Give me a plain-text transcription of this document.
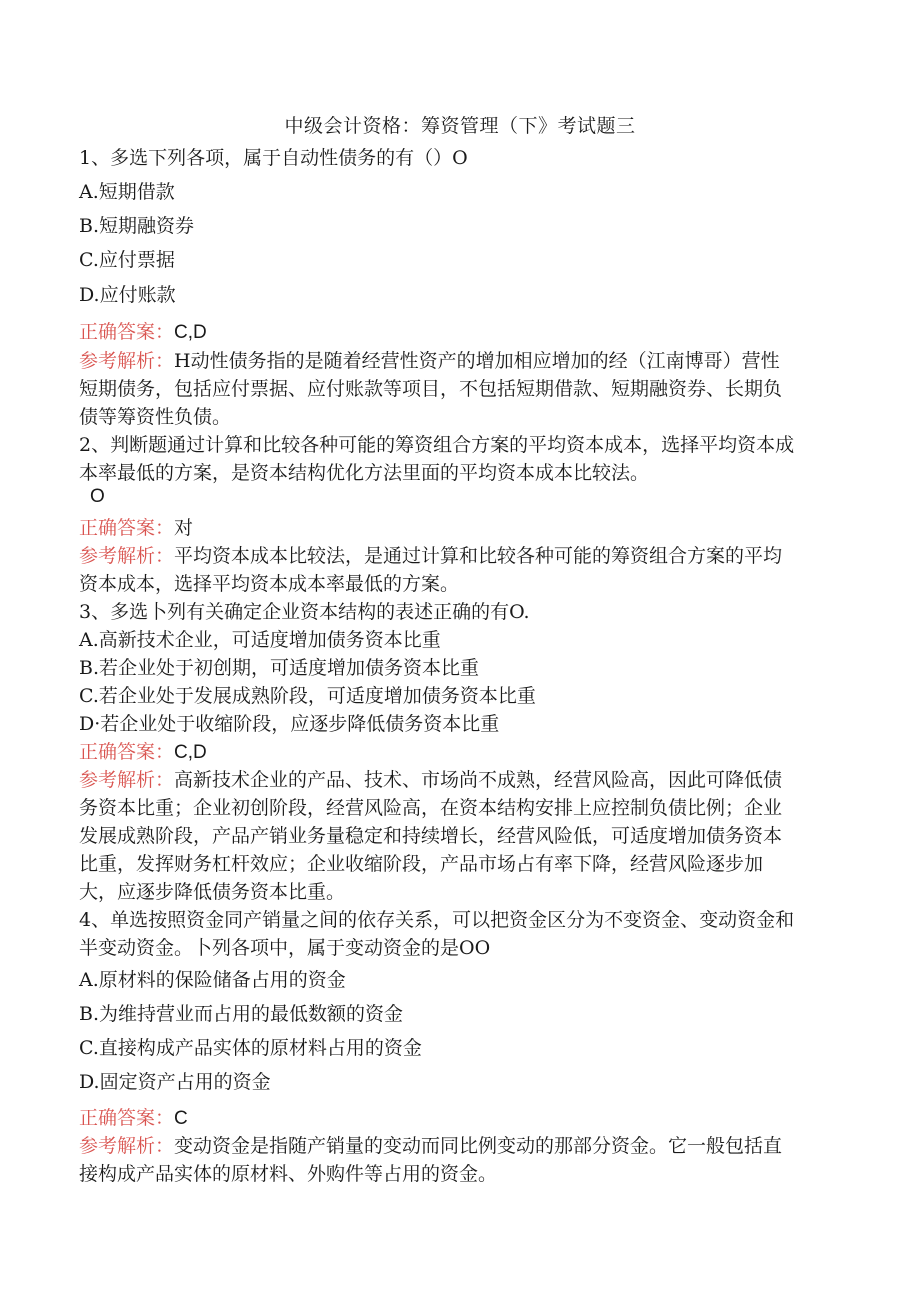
中级会计资格：筹资管理（下》考试题三
1、多选下列各项，属于自动性债务的有（）O
A.短期借款
B.短期融资券
C.应付票据
D.应付账款
正确答案：C,D
参考解析：H动性债务指的是随着经营性资产的增加相应增加的经（江南博哥）营性
短期债务，包括应付票据、应付账款等项目，不包括短期借款、短期融资券、长期负
债等筹资性负债。
2、判断题通过计算和比较各种可能的筹资组合方案的平均资本成本，选择平均资本成
本率最低的方案，是资本结构优化方法里面的平均资本成本比较法。
O
正确答案：对
参考解析：平均资本成本比较法，是通过计算和比较各种可能的筹资组合方案的平均
资本成本，选择平均资本成本率最低的方案。
3、多选卜列有关确定企业资本结构的表述正确的有O.
A.高新技术企业，可适度增加债务资本比重
B.若企业处于初创期，可适度增加债务资本比重
C.若企业处于发展成熟阶段，可适度增加债务资本比重
D·若企业处于收缩阶段，应逐步降低债务资本比重
正确答案：C,D
参考解析：高新技术企业的产品、技术、市场尚不成熟，经营风险高，因此可降低债
务资本比重；企业初创阶段，经营风险高，在资本结构安排上应控制负债比例；企业
发展成熟阶段，产品产销业务量稳定和持续增长，经营风险低，可适度增加债务资本
比重，发挥财务杠杆效应；企业收缩阶段，产品市场占有率下降，经营风险逐步加
大，应逐步降低债务资本比重。
4、单选按照资金同产销量之间的依存关系，可以把资金区分为不变资金、变动资金和
半变动资金。卜列各项中，属于变动资金的是OO
A.原材料的保险储备占用的资金
B.为维持营业而占用的最低数额的资金
C.直接构成产品实体的原材料占用的资金
D.固定资产占用的资金
正确答案：C
参考解析：变动资金是指随产销量的变动而同比例变动的那部分资金。它一般包括直
接构成产品实体的原材料、外购件等占用的资金。
